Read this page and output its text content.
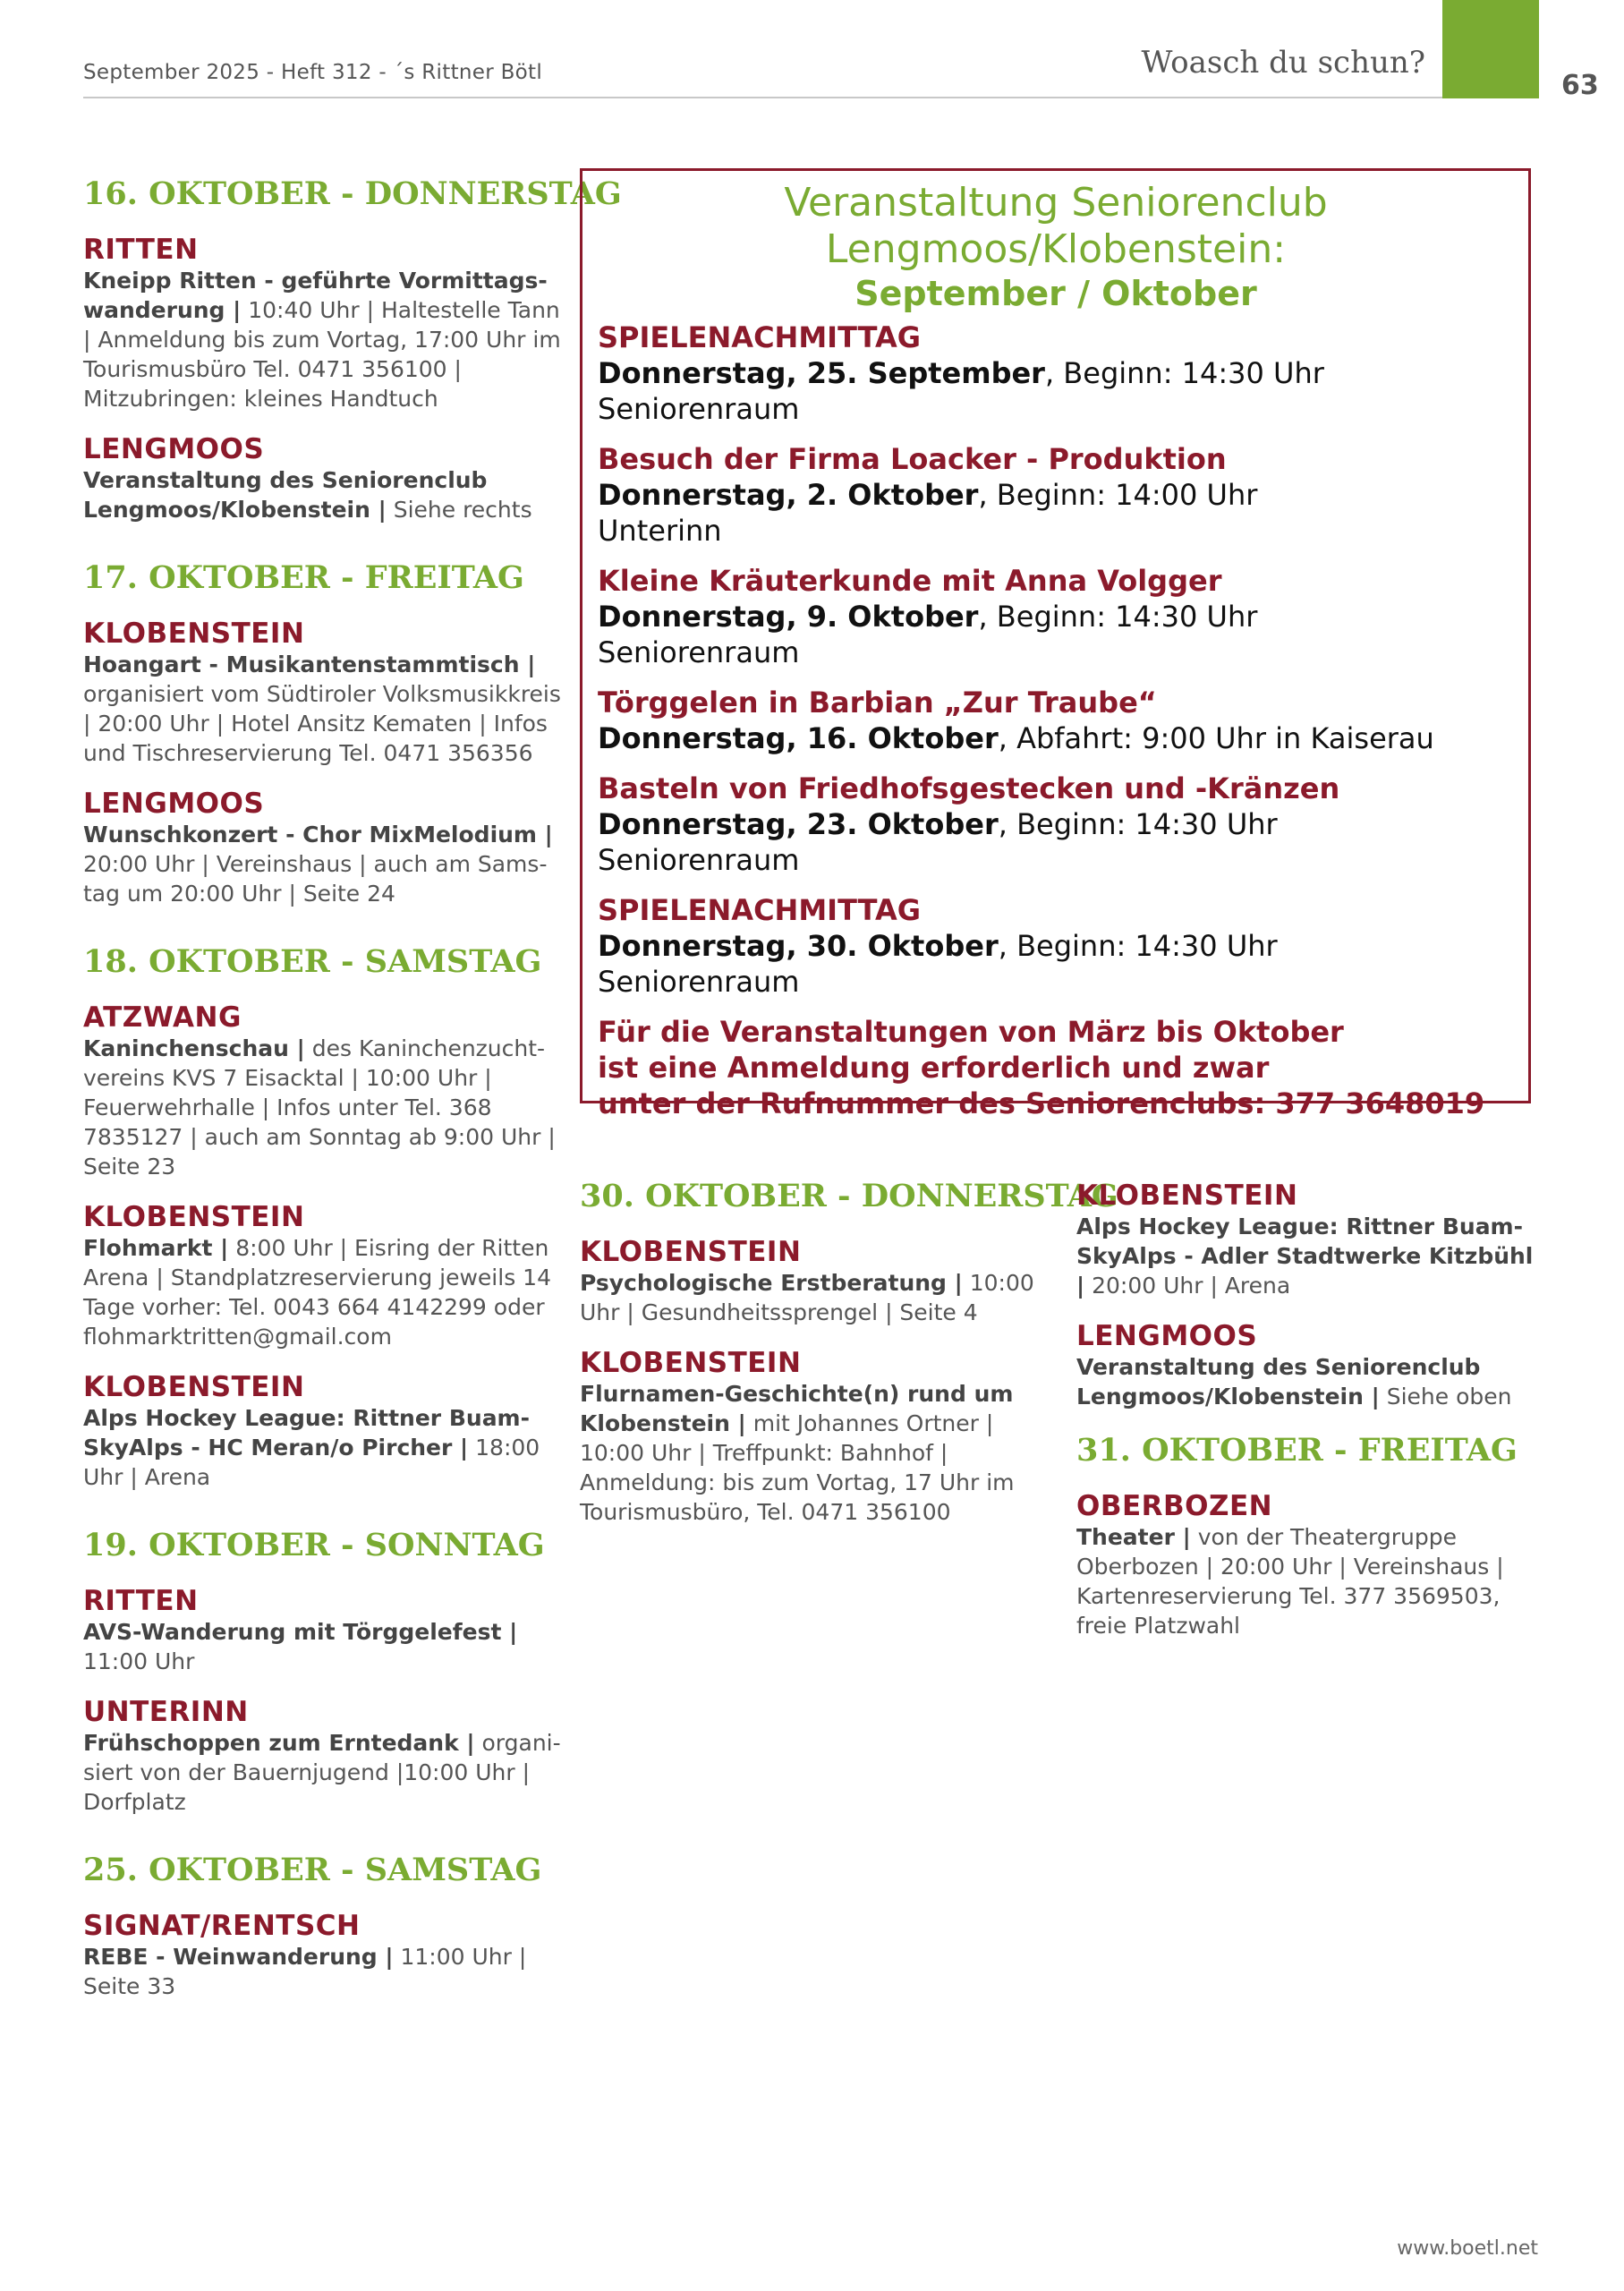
September 2025 - Heft 312 - ´s Rittner Bötl	Woasch du schun?
63
16. OKTOBER - DONNERSTAG
RITTEN
Kneipp Ritten - geführte Vormittagswanderung | 10:40 Uhr | Haltestelle Tann | Anmeldung bis zum Vortag, 17:00 Uhr im Tourismusbüro Tel. 0471 356100 | Mitzubringen: kleines Handtuch
LENGMOOS
Veranstaltung des Seniorenclub Lengmoos/Klobenstein | Siehe rechts
17. OKTOBER - FREITAG
KLOBENSTEIN
Hoangart - Musikantenstammtisch | organisiert vom Südtiroler Volksmusikkreis | 20:00 Uhr | Hotel Ansitz Kematen | Infos und Tischreservierung Tel. 0471 356356
LENGMOOS
Wunschkonzert - Chor MixMelodium | 20:00 Uhr | Vereinshaus | auch am Samstag um 20:00 Uhr | Seite 24
18. OKTOBER - SAMSTAG
ATZWANG
Kaninchenschau | des Kaninchenzuchtvereins KVS 7 Eisacktal | 10:00 Uhr | Feuerwehrhalle | Infos unter Tel. 368 7835127 | auch am Sonntag ab 9:00 Uhr | Seite 23
KLOBENSTEIN
Flohmarkt | 8:00 Uhr | Eisring der Ritten Arena | Standplatzreservierung jeweils 14 Tage vorher: Tel. 0043 664 4142299 oder flohmarktritten@gmail.com
KLOBENSTEIN
Alps Hockey League: Rittner Buam-SkyAlps - HC Meran/o Pircher | 18:00 Uhr | Arena
19. OKTOBER - SONNTAG
RITTEN
AVS-Wanderung mit Törggelefest | 11:00 Uhr
UNTERINN
Frühschoppen zum Erntedank | organisiert von der Bauernjugend |10:00 Uhr | Dorfplatz
25. OKTOBER - SAMSTAG
SIGNAT/RENTSCH
REBE - Weinwanderung | 11:00 Uhr | Seite 33
Veranstaltung Seniorenclub Lengmoos/Klobenstein:
September / Oktober
SPIELENACHMITTAG
Donnerstag, 25. September, Beginn: 14:30 Uhr
Seniorenraum
Besuch der Firma Loacker - Produktion
Donnerstag, 2. Oktober, Beginn: 14:00 Uhr
Unterinn
Kleine Kräuterkunde mit Anna Volgger
Donnerstag, 9. Oktober, Beginn: 14:30 Uhr
Seniorenraum
Törggelen in Barbian „Zur Traube“
Donnerstag, 16. Oktober, Abfahrt: 9:00 Uhr in Kaiserau
Basteln von Friedhofsgestecken und -Kränzen
Donnerstag, 23. Oktober, Beginn: 14:30 Uhr
Seniorenraum
SPIELENACHMITTAG
Donnerstag, 30. Oktober, Beginn: 14:30 Uhr
Seniorenraum
Für die Veranstaltungen von März bis Oktober
ist eine Anmeldung erforderlich und zwar
unter der Rufnummer des Seniorenclubs: 377 3648019
30. OKTOBER - DONNERSTAG
KLOBENSTEIN
Psychologische Erstberatung | 10:00 Uhr | Gesundheitssprengel | Seite 4
KLOBENSTEIN
Flurnamen-Geschichte(n) rund um Klobenstein | mit Johannes Ortner | 10:00 Uhr | Treffpunkt: Bahnhof | Anmeldung: bis zum Vortag, 17 Uhr im Tourismusbüro, Tel. 0471 356100
KLOBENSTEIN
Alps Hockey League: Rittner Buam-SkyAlps - Adler Stadtwerke Kitzbühl | 20:00 Uhr | Arena
LENGMOOS
Veranstaltung des Seniorenclub Lengmoos/Klobenstein | Siehe oben
31. OKTOBER - FREITAG
OBERBOZEN
Theater | von der Theatergruppe Oberbozen | 20:00 Uhr | Vereinshaus | Kartenreservierung Tel. 377 3569503, freie Platzwahl
www.boetl.net
